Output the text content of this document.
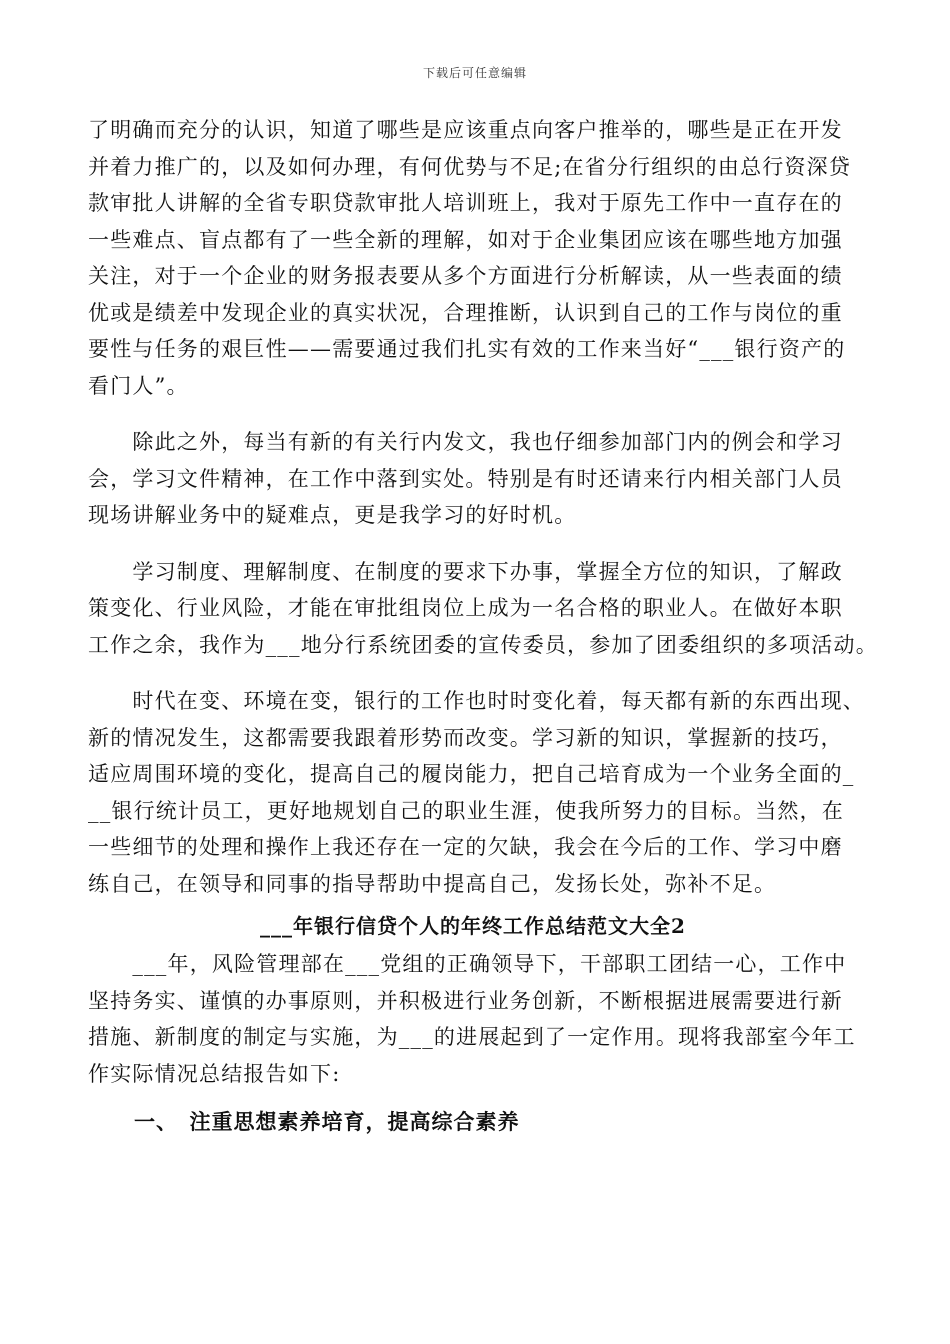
下载后可任意编辑
了明确而充分的认识，知道了哪些是应该重点向客户推举的，哪些是正在开发
并着力推广的，以及如何办理，有何优势与不足;在省分行组织的由总行资深贷
款审批人讲解的全省专职贷款审批人培训班上，我对于原先工作中一直存在的
一些难点、盲点都有了一些全新的理解，如对于企业集团应该在哪些地方加强
关注，对于一个企业的财务报表要从多个方面进行分析解读，从一些表面的绩
优或是绩差中发现企业的真实状况，合理推断，认识到自己的工作与岗位的重
要性与任务的艰巨性——需要通过我们扎实有效的工作来当好“___银行资产的
看门人”。
　　除此之外，每当有新的有关行内发文，我也仔细参加部门内的例会和学习
会，学习文件精神，在工作中落到实处。特别是有时还请来行内相关部门人员
现场讲解业务中的疑难点，更是我学习的好时机。
　　学习制度、理解制度、在制度的要求下办事，掌握全方位的知识，了解政
策变化、行业风险，才能在审批组岗位上成为一名合格的职业人。在做好本职
工作之余，我作为___地分行系统团委的宣传委员，参加了团委组织的多项活动。
　　时代在变、环境在变，银行的工作也时时变化着，每天都有新的东西出现、
新的情况发生，这都需要我跟着形势而改变。学习新的知识，掌握新的技巧，
适应周围环境的变化，提高自己的履岗能力，把自己培育成为一个业务全面的_
__银行统计员工，更好地规划自己的职业生涯，使我所努力的目标。当然，在
一些细节的处理和操作上我还存在一定的欠缺，我会在今后的工作、学习中磨
练自己，在领导和同事的指导帮助中提高自己，发扬长处，弥补不足。
___年银行信贷个人的年终工作总结范文大全2
　　___年，风险管理部在___党组的正确领导下，干部职工团结一心，工作中
坚持务实、谨慎的办事原则，并积极进行业务创新，不断根据进展需要进行新
措施、新制度的制定与实施，为___的进展起到了一定作用。现将我部室今年工
作实际情况总结报告如下:
一、　注重思想素养培育，提高综合素养
